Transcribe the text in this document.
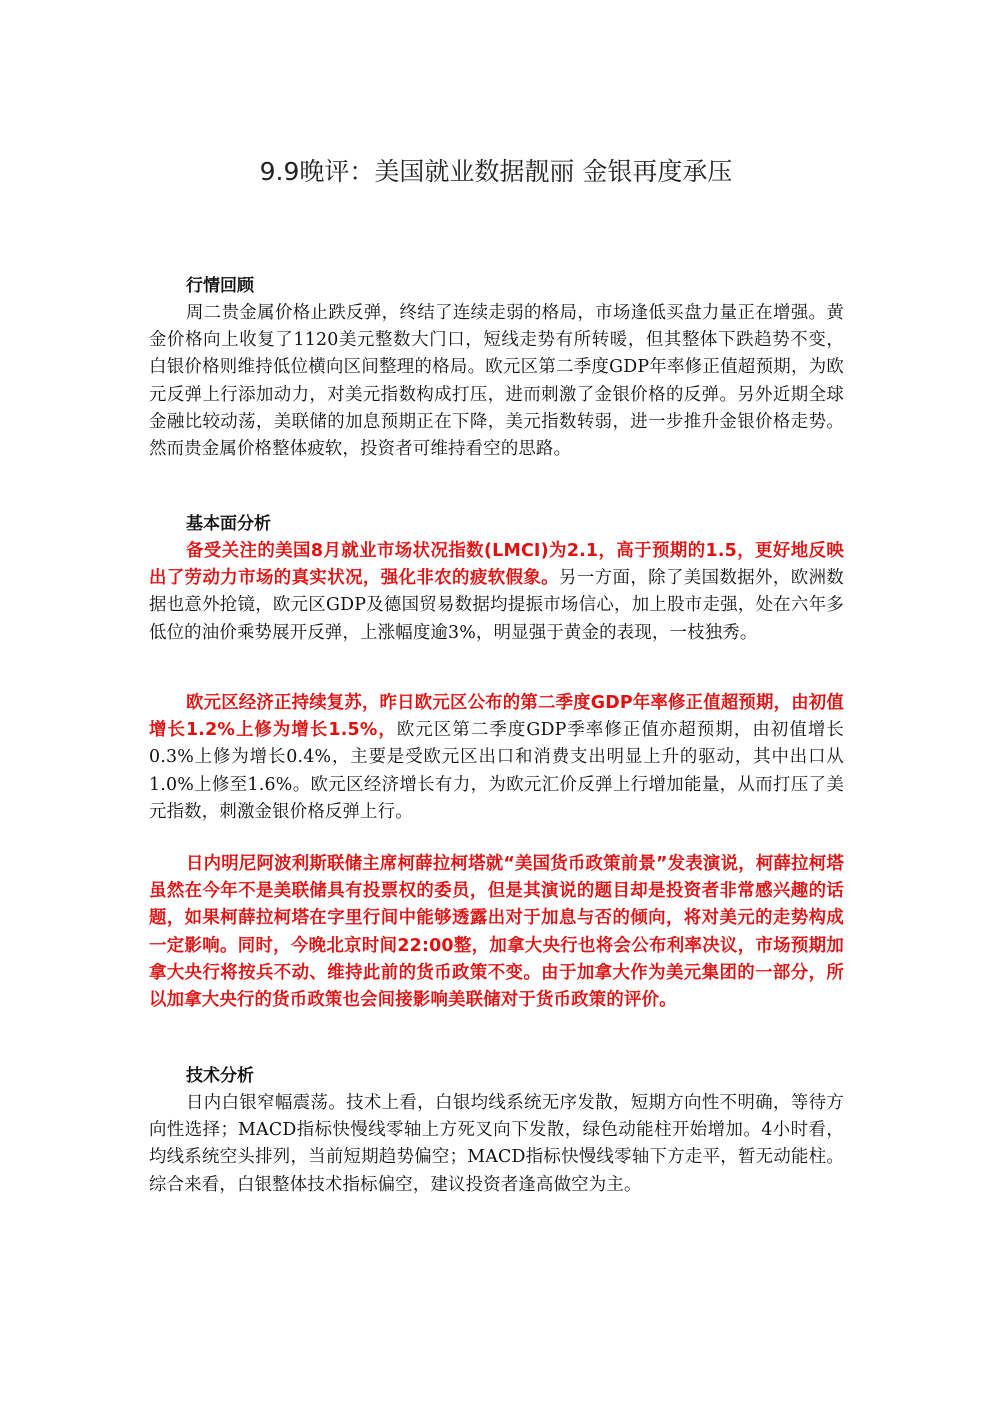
9.9晚评：美国就业数据靓丽 金银再度承压
行情回顾

周二贵金属价格止跌反弹，终结了连续走弱的格局，市场逢低买盘力量正在增强。黄金价格向上收复了1120美元整数大门口，短线走势有所转暖，但其整体下跌趋势不变，白银价格则维持低位横向区间整理的格局。欧元区第二季度GDP年率修正值超预期，为欧元反弹上行添加动力，对美元指数构成打压，进而刺激了金银价格的反弹。另外近期全球金融比较动荡，美联储的加息预期正在下降，美元指数转弱，进一步推升金银价格走势。然而贵金属价格整体疲软，投资者可维持看空的思路。

基本面分析

备受关注的美国8月就业市场状况指数(LMCI)为2.1，高于预期的1.5，更好地反映出了劳动力市场的真实状况，强化非农的疲软假象。另一方面，除了美国数据外，欧洲数据也意外抢镜，欧元区GDP及德国贸易数据均提振市场信心，加上股市走强，处在六年多低位的油价乘势展开反弹，上涨幅度逾3%，明显强于黄金的表现，一枝独秀。

欧元区经济正持续复苏，昨日欧元区公布的第二季度GDP年率修正值超预期，由初值增长1.2%上修为增长1.5%，欧元区第二季度GDP季率修正值亦超预期，由初值增长0.3%上修为增长0.4%，主要是受欧元区出口和消费支出明显上升的驱动，其中出口从1.0%上修至1.6%。欧元区经济增长有力，为欧元汇价反弹上行增加能量，从而打压了美元指数，刺激金银价格反弹上行。

日内明尼阿波利斯联储主席柯薛拉柯塔就“美国货币政策前景”发表演说，柯薛拉柯塔虽然在今年不是美联储具有投票权的委员，但是其演说的题目却是投资者非常感兴趣的话题，如果柯薛拉柯塔在字里行间中能够透露出对于加息与否的倾向，将对美元的走势构成一定影响。同时，今晚北京时间22:00整，加拿大央行也将会公布利率决议，市场预期加拿大央行将按兵不动、维持此前的货币政策不变。由于加拿大作为美元集团的一部分，所以加拿大央行的货币政策也会间接影响美联储对于货币政策的评价。

技术分析

日内白银窄幅震荡。技术上看，白银均线系统无序发散，短期方向性不明确，等待方向性选择；MACD指标快慢线零轴上方死叉向下发散，绿色动能柱开始增加。4小时看，均线系统空头排列，当前短期趋势偏空；MACD指标快慢线零轴下方走平，暂无动能柱。综合来看，白银整体技术指标偏空，建议投资者逢高做空为主。
